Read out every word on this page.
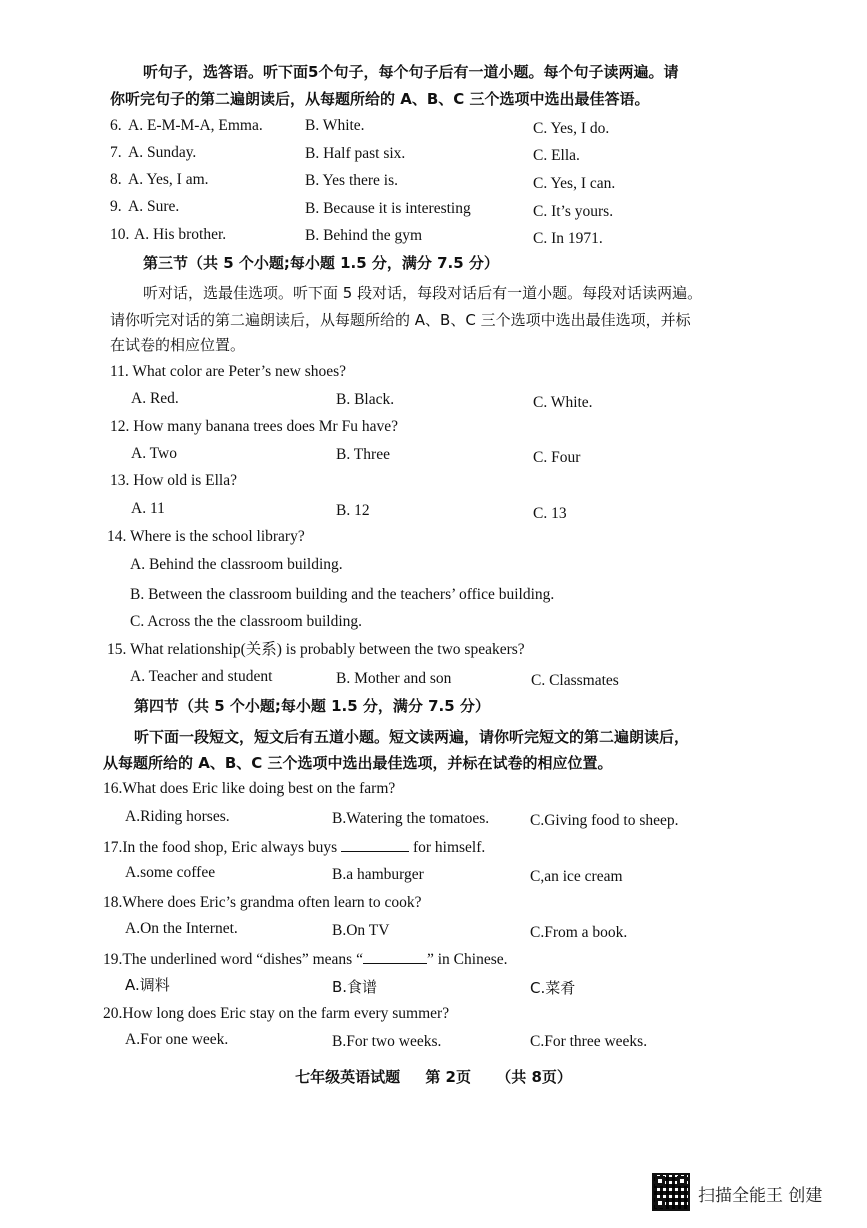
听句子，选答语。听下面5个句子，每个句子后有一道小题。每个句子读两遍。请
你听完句子的第二遍朗读后，从每题所给的 A、B、C 三个选项中选出最佳答语。
6. A. E-M-M-A, Emma.	B. White.	C. Yes, I do.
7. A. Sunday.	B. Half past six.	C. Ella.
8. A. Yes, I am.	B. Yes there is.	C. Yes, I can.
9. A. Sure.	B. Because it is interesting	C. It’s yours.
10. A. His brother.	B. Behind the gym	C. In 1971.
第三节（共 5 个小题;每小题 1.5 分，满分 7.5 分）
听对话，选最佳选项。听下面 5 段对话，每段对话后有一道小题。每段对话读两遍。
请你听完对话的第二遍朗读后，从每题所给的 A、B、C 三个选项中选出最佳选项，并标
在试卷的相应位置。
11. What color are Peter’s new shoes?
A. Red.	B. Black.	C. White.
12. How many banana trees does Mr Fu have?
A. Two	B. Three	C. Four
13. How old is Ella?
A. 11	B. 12	C. 13
14. Where is the school library?
A. Behind the classroom building.
B. Between the classroom building and the teachers’ office building.
C. Across the the classroom building.
15. What relationship(关系) is probably between the two speakers?
A. Teacher and student	B. Mother and son	C. Classmates
第四节（共 5 个小题;每小题 1.5 分，满分 7.5 分）
听下面一段短文，短文后有五道小题。短文读两遍，请你听完短文的第二遍朗读后，
从每题所给的 A、B、C 三个选项中选出最佳选项，并标在试卷的相应位置。
16.What does Eric like doing best on the farm?
A.Riding horses.	B.Watering the tomatoes.	C.Giving food to sheep.
17.In the food shop, Eric always buys	for himself.
A.some coffee	B.a hamburger	C,an ice cream
18.Where does Eric’s grandma often learn to cook?
A.On the Internet.	B.On TV	C.From a book.
19.The underlined word “dishes” means “	” in Chinese.
A.调料	B.食谱	C.菜肴
20.How long does Eric stay on the farm every summer?
A.For one week.	B.For two weeks.	C.For three weeks.
七年级英语试题 第 2页 （共 8页）
扫描全能王 创建
